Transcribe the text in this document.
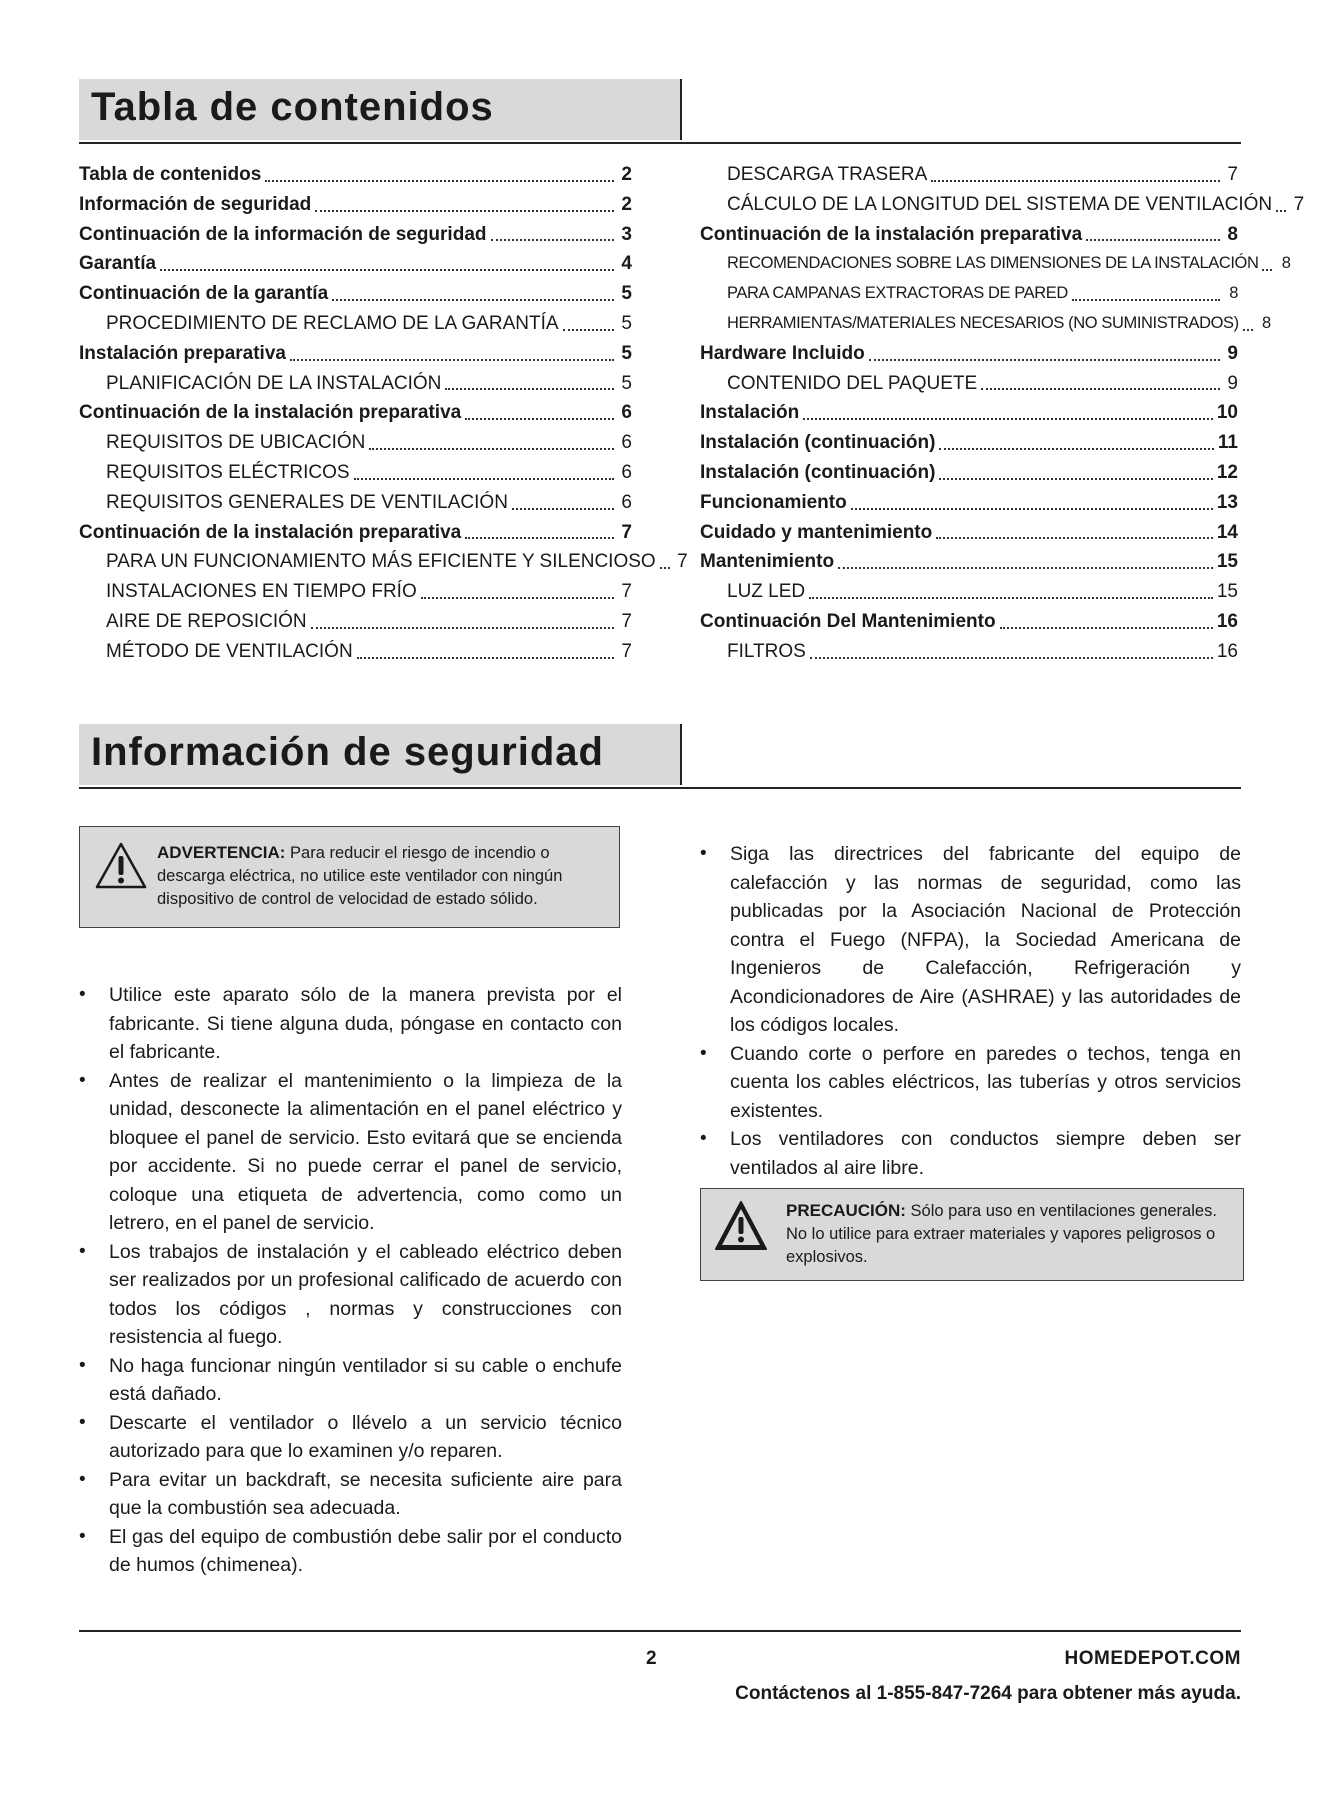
Tabla de contenidos
Tabla de contenidos	2
Información de seguridad	2
Continuación de la información de seguridad	3
Garantía	4
Continuación de la garantía	5
PROCEDIMIENTO DE RECLAMO DE LA GARANTÍA	5
Instalación preparativa	5
PLANIFICACIÓN DE LA INSTALACIÓN	5
Continuación de la instalación preparativa	6
REQUISITOS DE UBICACIÓN	6
REQUISITOS ELÉCTRICOS	6
REQUISITOS GENERALES DE VENTILACIÓN	6
Continuación de la instalación preparativa	7
PARA UN FUNCIONAMIENTO MÁS EFICIENTE Y SILENCIOSO 7
INSTALACIONES EN TIEMPO FRÍO	7
AIRE DE REPOSICIÓN	7
MÉTODO DE VENTILACIÓN	7
DESCARGA TRASERA	7
CÁLCULO DE LA LONGITUD DEL SISTEMA DE VENTILACIÓN 7
Continuación de la instalación preparativa	8
RECOMENDACIONES SOBRE LAS DIMENSIONES DE LA INSTALACIÓN	8
PARA CAMPANAS EXTRACTORAS DE PARED	8
HERRAMIENTAS/MATERIALES NECESARIOS (NO SUMINISTRADOS)	8
Hardware Incluido	9
CONTENIDO DEL PAQUETE	9
Instalación	10
Instalación (continuación)	11
Instalación (continuación)	12
Funcionamiento	13
Cuidado y mantenimiento	14
Mantenimiento	15
LUZ LED	15
Continuación Del Mantenimiento	16
FILTROS	16
Información de seguridad
ADVERTENCIA: Para reducir el riesgo de incendio o descarga eléctrica, no utilice este ventilador con ningún dispositivo de control de velocidad de estado sólido.
• Utilice este aparato sólo de la manera prevista por el fabricante. Si tiene alguna duda, póngase en contacto con el fabricante.
• Antes de realizar el mantenimiento o la limpieza de la unidad, desconecte la alimentación en el panel eléctrico y bloquee el panel de servicio. Esto evitará que se encienda por accidente. Si no puede cerrar el panel de servicio, coloque una etiqueta de advertencia, como como un letrero, en el panel de servicio.
• Los trabajos de instalación y el cableado eléctrico deben ser realizados por un profesional calificado de acuerdo con todos los códigos , normas y construcciones con resistencia al fuego.
• No haga funcionar ningún ventilador si su cable o enchufe está dañado.
• Descarte el ventilador o llévelo a un servicio técnico autorizado para que lo examinen y/o reparen.
• Para evitar un backdraft, se necesita suficiente aire para que la combustión sea adecuada.
• El gas del equipo de combustión debe salir por el conducto de humos (chimenea).
• Siga las directrices del fabricante del equipo de calefacción y las normas de seguridad, como las publicadas por la Asociación Nacional de Protección contra el Fuego (NFPA), la Sociedad Americana de Ingenieros de Calefacción, Refrigeración y Acondicionadores de Aire (ASHRAE) y las autoridades de los códigos locales.
• Cuando corte o perfore en paredes o techos, tenga en cuenta los cables eléctricos, las tuberías y otros servicios existentes.
• Los ventiladores con conductos siempre deben ser ventilados al aire libre.
PRECAUCIÓN: Sólo para uso en ventilaciones generales. No lo utilice para extraer materiales y vapores peligrosos o explosivos.
2	HOMEDEPOT.COM
Contáctenos al 1-855-847-7264 para obtener más ayuda.
